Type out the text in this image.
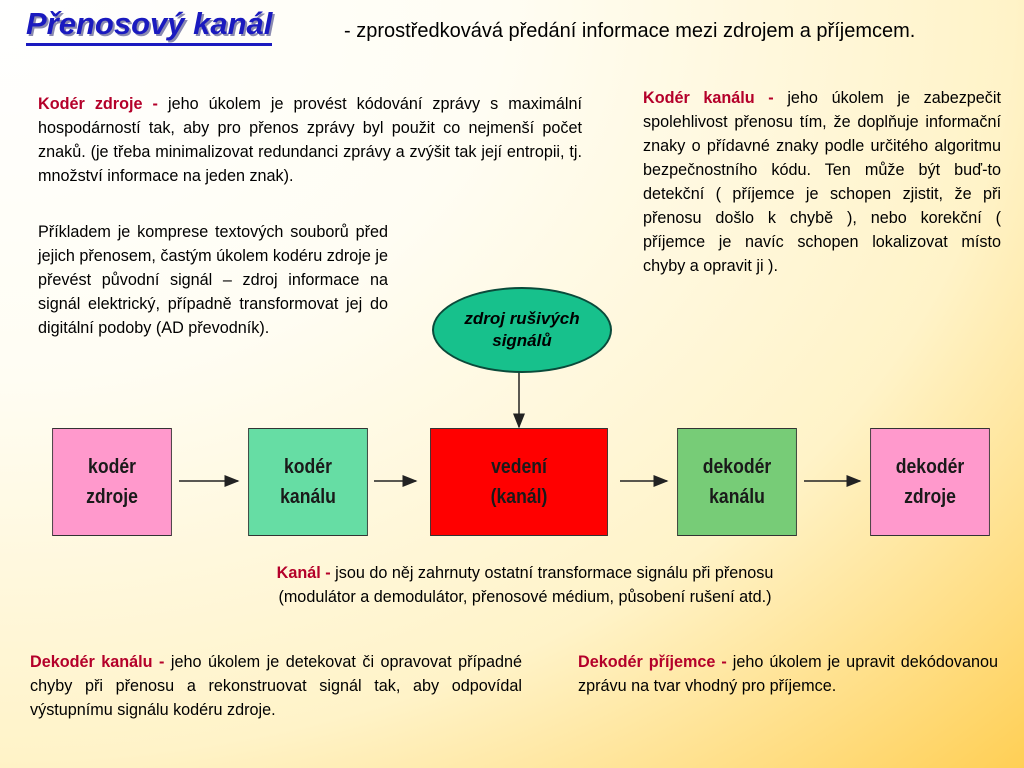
Přenosový kanál	- zprostředkovává předání informace mezi zdrojem a příjemcem.
Kodér zdroje - jeho úkolem je provést kódování zprávy s maximální hospodárností tak, aby pro přenos zprávy byl použit co nejmenší počet znaků. (je třeba minimalizovat redundanci zprávy a zvýšit tak její entropii, tj. množství informace na jeden znak).
Příkladem je komprese textových souborů před jejich přenosem, častým úkolem kodéru zdroje je převést původní signál – zdroj informace na signál elektrický, případně transformovat jej do digitální podoby (AD převodník).
Kodér kanálu - jeho úkolem je zabezpečit spolehlivost přenosu tím, že doplňuje informační znaky o přídavné znaky podle určitého algoritmu bezpečnostního kódu. Ten může být buď-to detekční ( příjemce je schopen zjistit, že při přenosu došlo k chybě ), nebo korekční ( příjemce je navíc schopen lokalizovat místo chyby a opravit ji ).
Kanál - jsou do něj zahrnuty ostatní transformace signálu při přenosu
(modulátor a demodulátor, přenosové médium, působení rušení atd.)
Dekodér kanálu - jeho úkolem je detekovat či opravovat případné chyby při přenosu a rekonstruovat signál tak, aby odpovídal výstupnímu signálu kodéru zdroje.
Dekodér příjemce - jeho úkolem je upravit dekódovanou zprávu na tvar vhodný pro příjemce.
zdroj rušivých
signálů
kodér
zdroje
kodér
kanálu
vedení
(kanál)
dekodér
kanálu
dekodér
zdroje
